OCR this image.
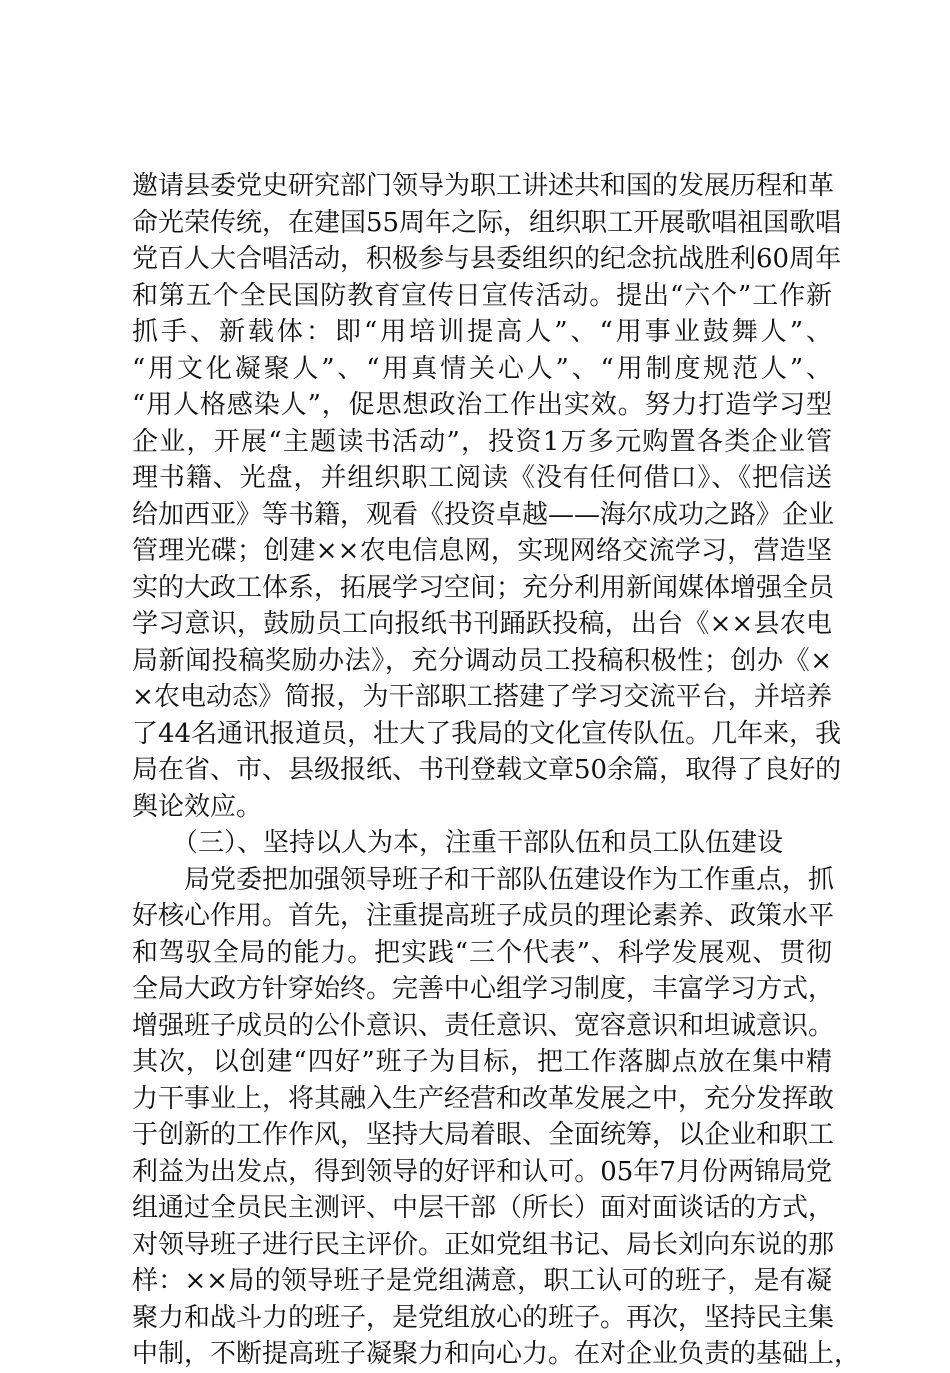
邀请县委党史研究部门领导为职工讲述共和国的发展历程和革
命光荣传统，在建国55周年之际，组织职工开展歌唱祖国歌唱
党百人大合唱活动，积极参与县委组织的纪念抗战胜利60周年
和第五个全民国防教育宣传日宣传活动。提出“六个”工作新
抓手、新载体：即“用培训提高人”、“用事业鼓舞人”、
“用文化凝聚人”、“用真情关心人”、“用制度规范人”、
“用人格感染人”，促思想政治工作出实效。努力打造学习型
企业，开展“主题读书活动”，投资1万多元购置各类企业管
理书籍、光盘，并组织职工阅读《没有任何借口》、《把信送
给加西亚》等书籍，观看《投资卓越——海尔成功之路》企业
管理光碟；创建××农电信息网，实现网络交流学习，营造坚
实的大政工体系，拓展学习空间；充分利用新闻媒体增强全员
学习意识，鼓励员工向报纸书刊踊跃投稿，出台《××县农电
局新闻投稿奖励办法》，充分调动员工投稿积极性；创办《×
×农电动态》简报，为干部职工搭建了学习交流平台，并培养
了44名通讯报道员，壮大了我局的文化宣传队伍。几年来，我
局在省、市、县级报纸、书刊登载文章50余篇，取得了良好的
舆论效应。
（三）、坚持以人为本，注重干部队伍和员工队伍建设
局党委把加强领导班子和干部队伍建设作为工作重点，抓
好核心作用。首先，注重提高班子成员的理论素养、政策水平
和驾驭全局的能力。把实践“三个代表”、科学发展观、贯彻
全局大政方针穿始终。完善中心组学习制度，丰富学习方式，
增强班子成员的公仆意识、责任意识、宽容意识和坦诚意识。
其次，以创建“四好”班子为目标，把工作落脚点放在集中精
力干事业上，将其融入生产经营和改革发展之中，充分发挥敢
于创新的工作作风，坚持大局着眼、全面统筹，以企业和职工
利益为出发点，得到领导的好评和认可。05年7月份两锦局党
组通过全员民主测评、中层干部（所长）面对面谈话的方式，
对领导班子进行民主评价。正如党组书记、局长刘向东说的那
样：××局的领导班子是党组满意，职工认可的班子，是有凝
聚力和战斗力的班子，是党组放心的班子。再次，坚持民主集
中制，不断提高班子凝聚力和向心力。在对企业负责的基础上，
